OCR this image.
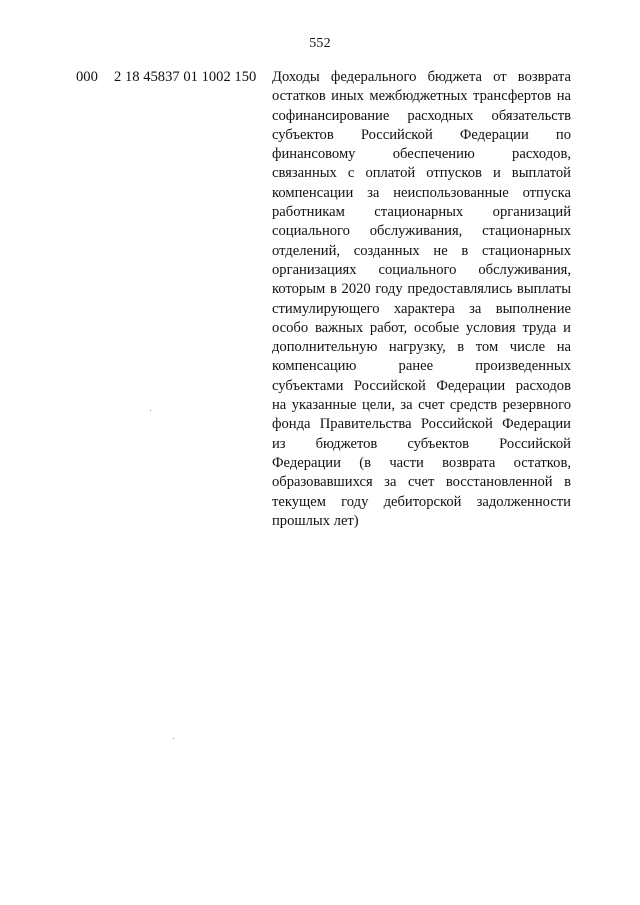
552
000 2 18 45837 01 1002 150 Доходы федерального бюджета от возврата
остатков иных межбюджетных трансфертов на
софинансирование расходных обязательств
субъектов Российской Федерации по
финансовому обеспечению расходов,
связанных с оплатой отпусков и выплатой
компенсации за неиспользованные отпуска
работникам стационарных организаций
социального обслуживания, стационарных
отделений, созданных не в стационарных
организациях социального обслуживания,
которым в 2020 году предоставлялись выплаты
стимулирующего характера за выполнение
особо важных работ, особые условия труда и
дополнительную нагрузку, в том числе на
компенсацию ранее произведенных
субъектами Российской Федерации расходов
на указанные цели, за счет средств резервного
фонда Правительства Российской Федерации
из бюджетов субъектов Российской
Федерации (в части возврата остатков,
образовавшихся за счет восстановленной в
текущем году дебиторской задолженности
прошлых лет)
